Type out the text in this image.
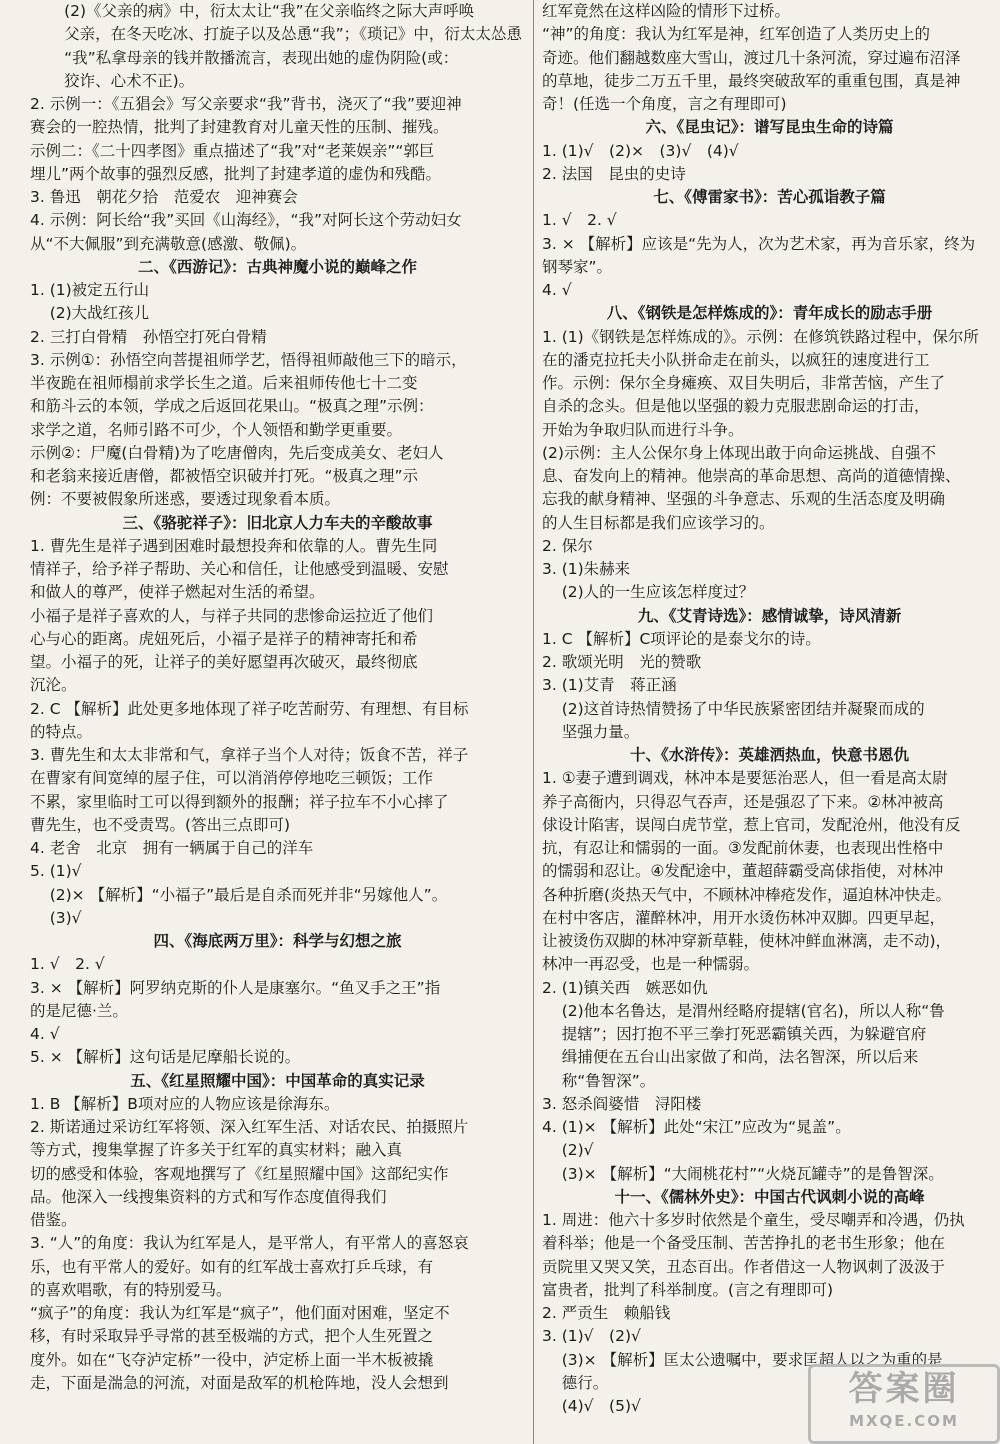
(2)《父亲的病》中，衍太太让“我”在父亲临终之际大声呼唤
父亲，在冬天吃冰、打旋子以及怂恿“我”；《琐记》中，衍太太怂恿
“我”私拿母亲的钱并散播流言，表现出她的虚伪阴险(或：
狡诈、心术不正)。
2. 示例一：《五猖会》写父亲要求“我”背书，浇灭了“我”要迎神
赛会的一腔热情，批判了封建教育对儿童天性的压制、摧残。
示例二：《二十四孝图》重点描述了“我”对“老莱娱亲”“郭巨
埋儿”两个故事的强烈反感，批判了封建孝道的虚伪和残酷。
3. 鲁迅　朝花夕拾　范爱农　迎神赛会
4. 示例：阿长给“我”买回《山海经》，“我”对阿长这个劳动妇女
从“不大佩服”到充满敬意(感激、敬佩)。
二、《西游记》：古典神魔小说的巅峰之作
1. (1)被定五行山
(2)大战红孩儿
2. 三打白骨精　孙悟空打死白骨精
3. 示例①：孙悟空向菩提祖师学艺，悟得祖师敲他三下的暗示，
半夜跪在祖师榻前求学长生之道。后来祖师传他七十二变
和筋斗云的本领，学成之后返回花果山。“极真之理”示例：
求学之道，名师引路不可少，个人领悟和勤学更重要。
示例②：尸魔(白骨精)为了吃唐僧肉，先后变成美女、老妇人
和老翁来接近唐僧，都被悟空识破并打死。“极真之理”示
例：不要被假象所迷惑，要透过现象看本质。
三、《骆驼祥子》：旧北京人力车夫的辛酸故事
1. 曹先生是祥子遇到困难时最想投奔和依靠的人。曹先生同
情祥子，给予祥子帮助、关心和信任，让他感受到温暖、安慰
和做人的尊严，使祥子燃起对生活的希望。
小福子是祥子喜欢的人，与祥子共同的悲惨命运拉近了他们
心与心的距离。虎妞死后，小福子是祥子的精神寄托和希
望。小福子的死，让祥子的美好愿望再次破灭，最终彻底
沉沦。
2. C 【解析】此处更多地体现了祥子吃苦耐劳、有理想、有目标
的特点。
3. 曹先生和太太非常和气，拿祥子当个人对待；饭食不苦，祥子
在曹家有间宽绰的屋子住，可以消消停停地吃三顿饭；工作
不累，家里临时工可以得到额外的报酬；祥子拉车不小心摔了
曹先生，也不受责骂。(答出三点即可)
4. 老舍　北京　拥有一辆属于自己的洋车
5. (1)√
(2)× 【解析】“小福子”最后是自杀而死并非“另嫁他人”。
(3)√
四、《海底两万里》：科学与幻想之旅
1. √　2. √
3. × 【解析】阿罗纳克斯的仆人是康塞尔。“鱼叉手之王”指
的是尼德·兰。
4. √
5. × 【解析】这句话是尼摩船长说的。
五、《红星照耀中国》：中国革命的真实记录
1. B 【解析】B项对应的人物应该是徐海东。
2. 斯诺通过采访红军将领、深入红军生活、对话农民、拍摄照片
等方式，搜集掌握了许多关于红军的真实材料；融入真
切的感受和体验，客观地撰写了《红星照耀中国》这部纪实作
品。他深入一线搜集资料的方式和写作态度值得我们
借鉴。
3. “人”的角度：我认为红军是人，是平常人，有平常人的喜怒哀
乐，也有平常人的爱好。如有的红军战士喜欢打乒乓球，有
的喜欢唱歌，有的特别爱马。
“疯子”的角度：我认为红军是“疯子”，他们面对困难，坚定不
移，有时采取异乎寻常的甚至极端的方式，把个人生死置之
度外。如在“飞夺泸定桥”一役中，泸定桥上面一半木板被撬
走，下面是湍急的河流，对面是敌军的机枪阵地，没人会想到
红军竟然在这样凶险的情形下过桥。
“神”的角度：我认为红军是神，红军创造了人类历史上的
奇迹。他们翻越数座大雪山，渡过几十条河流，穿过遍布沼泽
的草地，徒步二万五千里，最终突破敌军的重重包围，真是神
奇！(任选一个角度，言之有理即可)
六、《昆虫记》：谱写昆虫生命的诗篇
1. (1)√　(2)×　(3)√　(4)√
2. 法国　昆虫的史诗
七、《傅雷家书》：苦心孤诣教子篇
1. √　2. √
3. × 【解析】应该是“先为人，次为艺术家，再为音乐家，终为
钢琴家”。
4. √
八、《钢铁是怎样炼成的》：青年成长的励志手册
1. (1)《钢铁是怎样炼成的》。示例：在修筑铁路过程中，保尔所
在的潘克拉托夫小队拼命走在前头，以疯狂的速度进行工
作。示例：保尔全身瘫痪、双目失明后，非常苦恼，产生了
自杀的念头。但是他以坚强的毅力克服悲剧命运的打击，
开始为争取归队而进行斗争。
(2)示例：主人公保尔身上体现出敢于向命运挑战、自强不
息、奋发向上的精神。他崇高的革命思想、高尚的道德情操、
忘我的献身精神、坚强的斗争意志、乐观的生活态度及明确
的人生目标都是我们应该学习的。
2. 保尔
3. (1)朱赫来
(2)人的一生应该怎样度过？
九、《艾青诗选》：感情诚挚，诗风清新
1. C 【解析】C项评论的是泰戈尔的诗。
2. 歌颂光明　光的赞歌
3. (1)艾青　蒋正涵
(2)这首诗热情赞扬了中华民族紧密团结并凝聚而成的
坚强力量。
十、《水浒传》：英雄洒热血，快意书恩仇
1. ①妻子遭到调戏，林冲本是要惩治恶人，但一看是高太尉
养子高衙内，只得忍气吞声，还是强忍了下来。②林冲被高
俅设计陷害，误闯白虎节堂，惹上官司，发配沧州，他没有反
抗，有忍让和懦弱的一面。③发配前休妻，也表现出性格中
的懦弱和忍让。④发配途中，董超薛霸受高俅指使，对林冲
各种折磨(炎热天气中，不顾林冲棒疮发作，逼迫林冲快走。
在村中客店，灌醉林冲，用开水烫伤林冲双脚。四更早起，
让被烫伤双脚的林冲穿新草鞋，使林冲鲜血淋漓，走不动)，
林冲一再忍受，也是一种懦弱。
2. (1)镇关西　嫉恶如仇
(2)他本名鲁达，是渭州经略府提辖(官名)，所以人称“鲁
提辖”；因打抱不平三拳打死恶霸镇关西，为躲避官府
缉捕便在五台山出家做了和尚，法名智深，所以后来
称“鲁智深”。
3. 怒杀阎婆惜　浔阳楼
4. (1)× 【解析】此处“宋江”应改为“晁盖”。
(2)√
(3)× 【解析】“大闹桃花村”“火烧瓦罐寺”的是鲁智深。
十一、《儒林外史》：中国古代讽刺小说的高峰
1. 周进：他六十多岁时依然是个童生，受尽嘲弄和冷遇，仍执
着科举；他是一个备受压制、苦苦挣扎的老书生形象；他在
贡院里又哭又笑，丑态百出。作者借这一人物讽刺了汲汲于
富贵者，批判了科举制度。(言之有理即可)
2. 严贡生　赖船钱
3. (1)√　(2)√
(3)× 【解析】匡太公遗嘱中，要求匡超人以之为重的是
德行。
(4)√　(5)√	答案圈
MXQE.COM
